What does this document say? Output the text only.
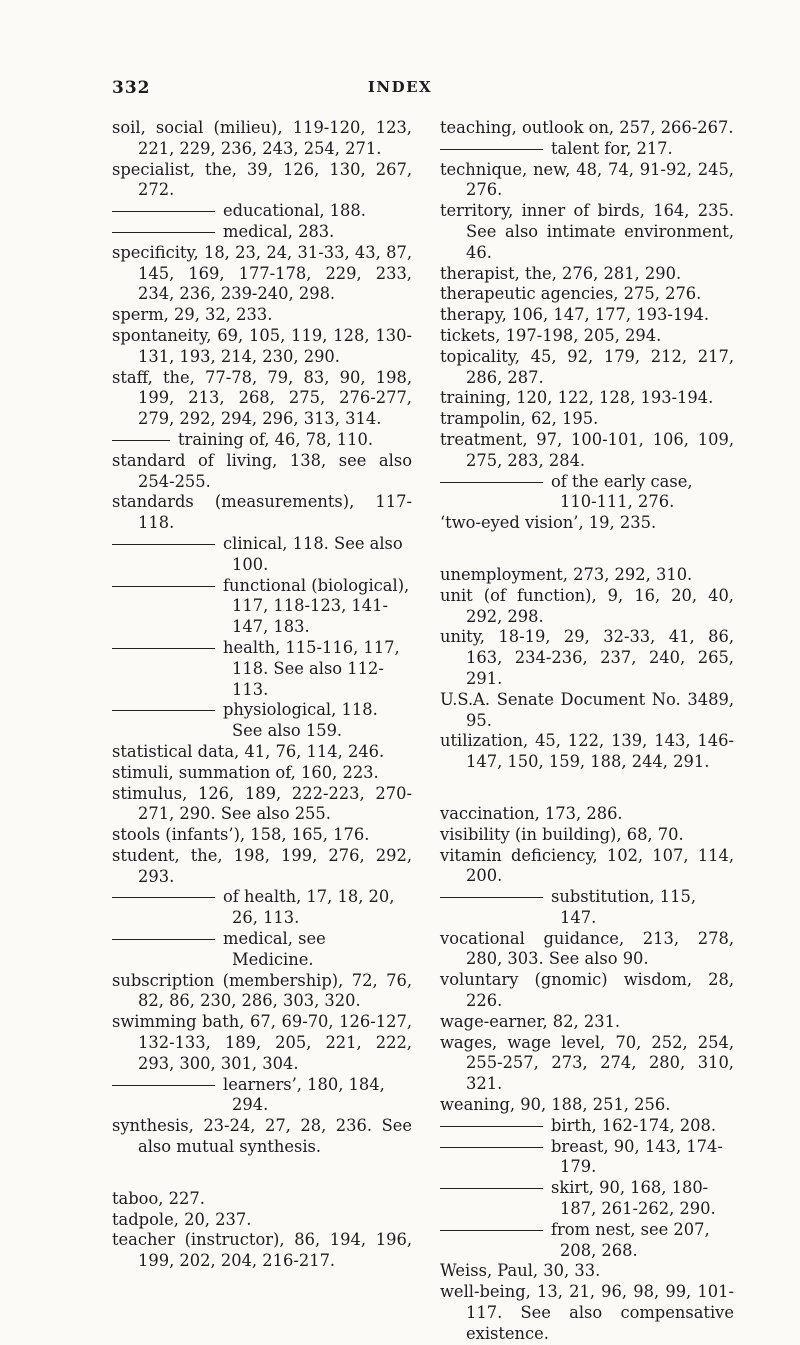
332	INDEX

soil, social (milieu), 119-120, 123, 221, 229, 236, 243, 254, 271.

specialist, the, 39, 126, 130, 267, 272.

educational, 188.

medical, 283.

specificity, 18, 23, 24, 31-33, 43, 87, 145, 169, 177-178, 229, 233, 234, 236, 239-240, 298.

sperm, 29, 32, 233.

spontaneity, 69, 105, 119, 128, 130-131, 193, 214, 230, 290.

staff, the, 77-78, 79, 83, 90, 198, 199, 213, 268, 275, 276-277, 279, 292, 294, 296, 313, 314.

training of, 46, 78, 110.

standard of living, 138, see also 254-255.

standards (measurements), 117-118.

clinical, 118. See also 100.

functional (biological), 117, 118-123, 141-147, 183.

health, 115-116, 117, 118. See also 112-113.

physiological, 118. See also 159.

statistical data, 41, 76, 114, 246.

stimuli, summation of, 160, 223.

stimulus, 126, 189, 222-223, 270-271, 290. See also 255.

stools (infants’), 158, 165, 176.

student, the, 198, 199, 276, 292, 293.

of health, 17, 18, 20, 26, 113.

medical, see Medicine.

subscription (membership), 72, 76, 82, 86, 230, 286, 303, 320.

swimming bath, 67, 69-70, 126-127, 132-133, 189, 205, 221, 222, 293, 300, 301, 304.

learners’, 180, 184, 294.

synthesis, 23-24, 27, 28, 236. See also mutual synthesis.

taboo, 227.

tadpole, 20, 237.

teacher (instructor), 86, 194, 196, 199, 202, 204, 216-217.

teaching, outlook on, 257, 266-267.

talent for, 217.

technique, new, 48, 74, 91-92, 245, 276.

territory, inner of birds, 164, 235. See also intimate environment, 46.

therapist, the, 276, 281, 290.

therapeutic agencies, 275, 276.

therapy, 106, 147, 177, 193-194.

tickets, 197-198, 205, 294.

topicality, 45, 92, 179, 212, 217, 286, 287.

training, 120, 122, 128, 193-194.

trampolin, 62, 195.

treatment, 97, 100-101, 106, 109, 275, 283, 284.

of the early case, 110-111, 276.

‘two-eyed vision’, 19, 235.

unemployment, 273, 292, 310.

unit (of function), 9, 16, 20, 40, 292, 298.

unity, 18-19, 29, 32-33, 41, 86, 163, 234-236, 237, 240, 265, 291.

U.S.A. Senate Document No. 3489, 95.

utilization, 45, 122, 139, 143, 146-147, 150, 159, 188, 244, 291.

vaccination, 173, 286.

visibility (in building), 68, 70.

vitamin deficiency, 102, 107, 114, 200.

substitution, 115, 147.

vocational guidance, 213, 278, 280, 303. See also 90.

voluntary (gnomic) wisdom, 28, 226.

wage-earner, 82, 231.

wages, wage level, 70, 252, 254, 255-257, 273, 274, 280, 310, 321.

weaning, 90, 188, 251, 256.

birth, 162-174, 208.

breast, 90, 143, 174-179.

skirt, 90, 168, 180-187, 261-262, 290.

from nest, see 207, 208, 268.

Weiss, Paul, 30, 33.

well-being, 13, 21, 96, 98, 99, 101-117. See also compensative existence.
